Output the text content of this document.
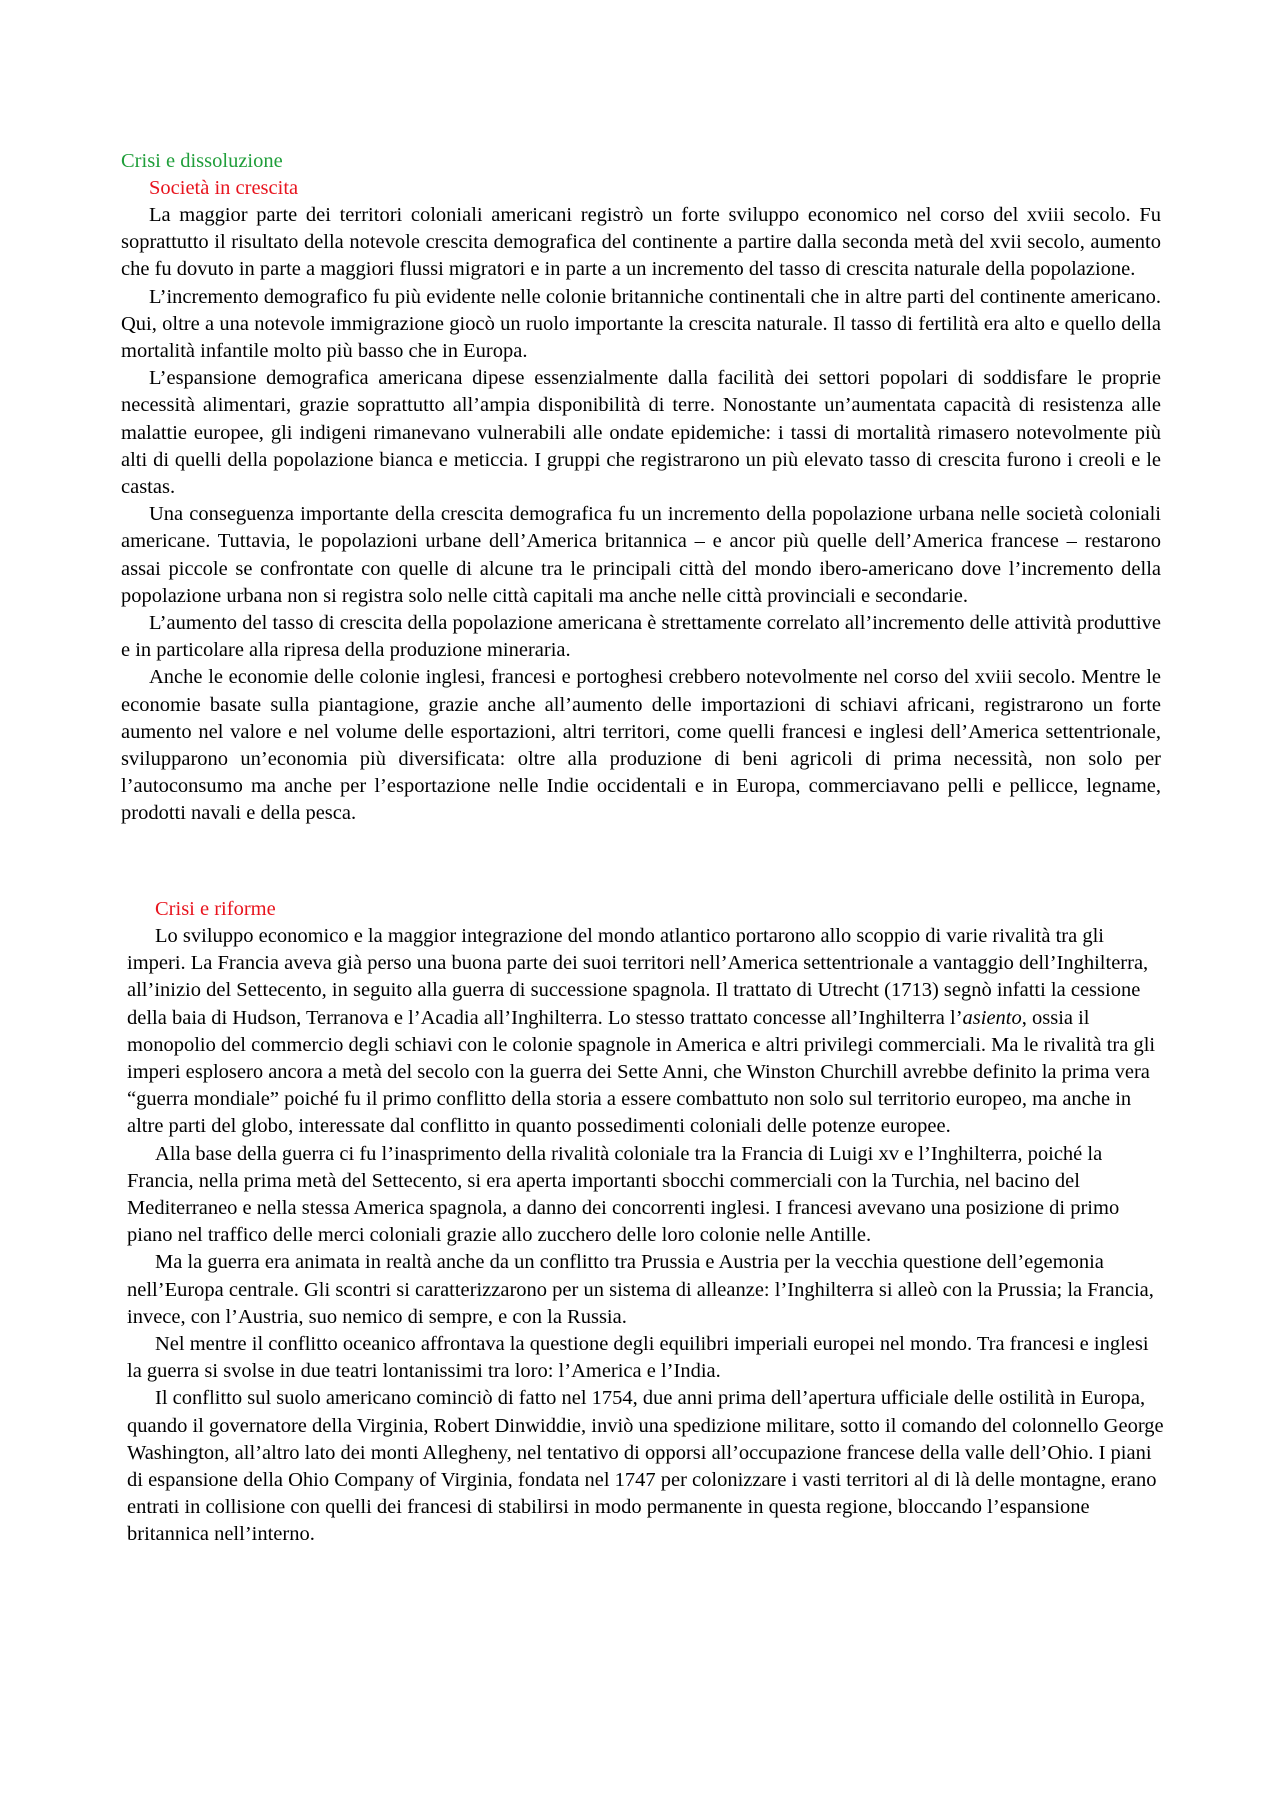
Crisi e dissoluzione
Società in crescita

La maggior parte dei territori coloniali americani registrò un forte sviluppo economico nel corso del xviii secolo. Fu soprattutto il risultato della notevole crescita demografica del continente a partire dalla seconda metà del xvii secolo, aumento che fu dovuto in parte a maggiori flussi migratori e in parte a un incremento del tasso di crescita naturale della popolazione.

L’incremento demografico fu più evidente nelle colonie britanniche continentali che in altre parti del continente americano. Qui, oltre a una notevole immigrazione giocò un ruolo importante la crescita naturale. Il tasso di fertilità era alto e quello della mortalità infantile molto più basso che in Europa.

L’espansione demografica americana dipese essenzialmente dalla facilità dei settori popolari di soddisfare le proprie necessità alimentari, grazie soprattutto all’ampia disponibilità di terre. Nonostante un’aumentata capacità di resistenza alle malattie europee, gli indigeni rimanevano vulnerabili alle ondate epidemiche: i tassi di mortalità rimasero notevolmente più alti di quelli della popolazione bianca e meticcia. I gruppi che registrarono un più elevato tasso di crescita furono i creoli e le castas.

Una conseguenza importante della crescita demografica fu un incremento della popolazione urbana nelle società coloniali americane. Tuttavia, le popolazioni urbane dell’America britannica – e ancor più quelle dell’America francese – restarono assai piccole se confrontate con quelle di alcune tra le principali città del mondo ibero-americano dove l’incremento della popolazione urbana non si registra solo nelle città capitali ma anche nelle città provinciali e secondarie.

L’aumento del tasso di crescita della popolazione americana è strettamente correlato all’incremento delle attività produttive e in particolare alla ripresa della produzione mineraria.

Anche le economie delle colonie inglesi, francesi e portoghesi crebbero notevolmente nel corso del xviii secolo. Mentre le economie basate sulla piantagione, grazie anche all’aumento delle importazioni di schiavi africani, registrarono un forte aumento nel valore e nel volume delle esportazioni, altri territori, come quelli francesi e inglesi dell’America settentrionale, svilupparono un’economia più diversificata: oltre alla produzione di beni agricoli di prima necessità, non solo per l’autoconsumo ma anche per l’esportazione nelle Indie occidentali e in Europa, commerciavano pelli e pellicce, legname, prodotti navali e della pesca.

Crisi e riforme

Lo sviluppo economico e la maggior integrazione del mondo atlantico portarono allo scoppio di varie rivalità tra gli imperi. La Francia aveva già perso una buona parte dei suoi territori nell’America settentrionale a vantaggio dell’Inghilterra, all’inizio del Settecento, in seguito alla guerra di successione spagnola. Il trattato di Utrecht (1713) segnò infatti la cessione della baia di Hudson, Terranova e l’Acadia all’Inghilterra. Lo stesso trattato concesse all’Inghilterra l’asiento, ossia il monopolio del commercio degli schiavi con le colonie spagnole in America e altri privilegi commerciali. Ma le rivalità tra gli imperi esplosero ancora a metà del secolo con la guerra dei Sette Anni, che Winston Churchill avrebbe definito la prima vera “guerra mondiale” poiché fu il primo conflitto della storia a essere combattuto non solo sul territorio europeo, ma anche in altre parti del globo, interessate dal conflitto in quanto possedimenti coloniali delle potenze europee.

Alla base della guerra ci fu l’inasprimento della rivalità coloniale tra la Francia di Luigi xv e l’Inghilterra, poiché la Francia, nella prima metà del Settecento, si era aperta importanti sbocchi commerciali con la Turchia, nel bacino del Mediterraneo e nella stessa America spagnola, a danno dei concorrenti inglesi. I francesi avevano una posizione di primo piano nel traffico delle merci coloniali grazie allo zucchero delle loro colonie nelle Antille.

Ma la guerra era animata in realtà anche da un conflitto tra Prussia e Austria per la vecchia questione dell’egemonia nell’Europa centrale. Gli scontri si caratterizzarono per un sistema di alleanze: l’Inghilterra si alleò con la Prussia; la Francia, invece, con l’Austria, suo nemico di sempre, e con la Russia.

Nel mentre il conflitto oceanico affrontava la questione degli equilibri imperiali europei nel mondo. Tra francesi e inglesi la guerra si svolse in due teatri lontanissimi tra loro: l’America e l’India.

Il conflitto sul suolo americano cominciò di fatto nel 1754, due anni prima dell’apertura ufficiale delle ostilità in Europa, quando il governatore della Virginia, Robert Dinwiddie, inviò una spedizione militare, sotto il comando del colonnello George Washington, all’altro lato dei monti Allegheny, nel tentativo di opporsi all’occupazione francese della valle dell’Ohio. I piani di espansione della Ohio Company of Virginia, fondata nel 1747 per colonizzare i vasti territori al di là delle montagne, erano entrati in collisione con quelli dei francesi di stabilirsi in modo permanente in questa regione, bloccando l’espansione britannica nell’interno.
